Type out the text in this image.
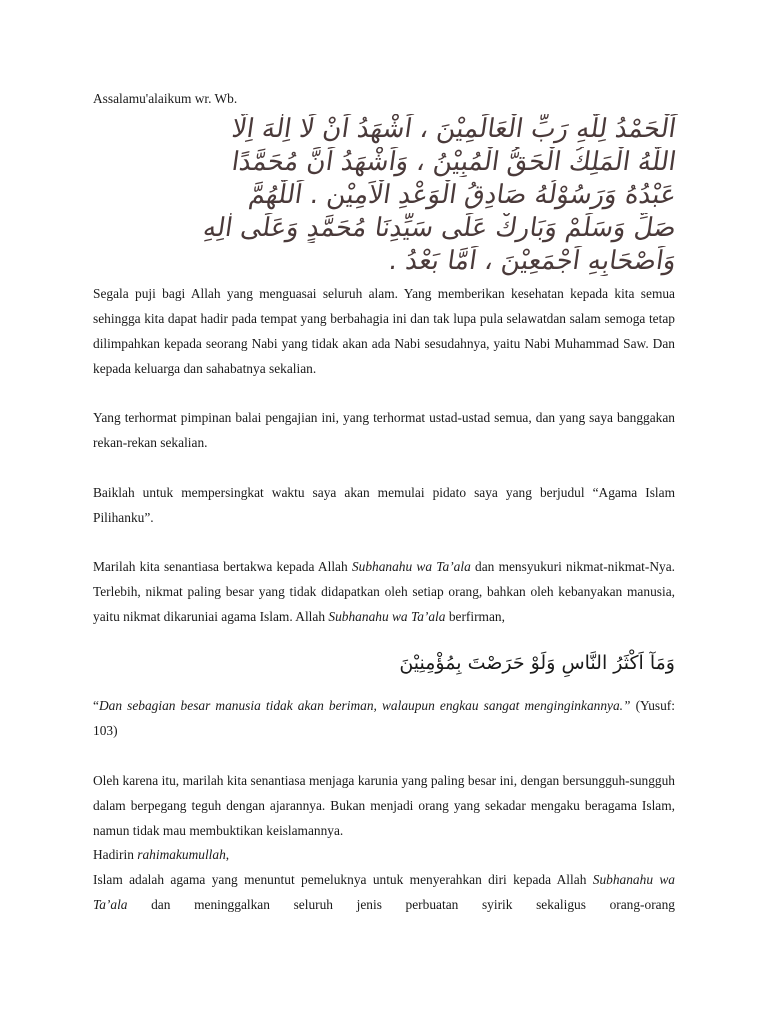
Assalamu'alaikum wr. Wb.

اَلْحَمْدُ لِلّٰهِ رَبِّ الْعَالَمِيْنَ ، اَشْهَدُ اَنْ لَا اِلٰهَ اِلَّا
اللّٰهُ الْمَلِكُ الْحَقُّ الْمُبِيْنُ ، وَاَشْهَدُ اَنَّ مُحَمَّدًا
عَبْدُهُ وَرَسُوْلُهُ صَادِقُ الْوَعْدِ الْاَمِيْنِ . اَللّٰهُمَّ
صَلِّ وَسَلِّمْ وَبَارِكْ عَلَى سَيِّدِنَا مُحَمَّدٍ وَعَلَى اٰلِهِ
وَاَصْحَابِهِ اَجْمَعِيْنَ ، اَمَّا بَعْدُ .

Segala puji bagi Allah yang menguasai seluruh alam. Yang memberikan kesehatan kepada kita semua sehingga kita dapat hadir pada tempat yang berbahagia ini dan tak lupa pula selawatdan salam semoga tetap dilimpahkan kepada seorang Nabi yang tidak akan ada Nabi sesudahnya, yaitu Nabi Muhammad Saw. Dan kepada keluarga dan sahabatnya sekalian.

Yang terhormat pimpinan balai pengajian ini, yang terhormat ustad-ustad semua, dan yang saya banggakan rekan-rekan sekalian.

Baiklah untuk mempersingkat waktu saya akan memulai pidato saya yang berjudul “Agama Islam Pilihanku”.

Marilah kita senantiasa bertakwa kepada Allah Subhanahu wa Ta’ala dan mensyukuri nikmat-nikmat-Nya. Terlebih, nikmat paling besar yang tidak didapatkan oleh setiap orang, bahkan oleh kebanyakan manusia, yaitu nikmat dikaruniai agama Islam. Allah Subhanahu wa Ta’ala berfirman,

وَمَآ اَكْثَرُ النَّاسِ وَلَوْ حَرَصْتَ بِمُؤْمِنِيْنَ

“Dan sebagian besar manusia tidak akan beriman, walaupun engkau sangat menginginkannya.” (Yusuf: 103)

Oleh karena itu, marilah kita senantiasa menjaga karunia yang paling besar ini, dengan bersungguh-sungguh dalam berpegang teguh dengan ajarannya. Bukan menjadi orang yang sekadar mengaku beragama Islam, namun tidak mau membuktikan keislamannya.

Hadirin rahimakumullah,

Islam adalah agama yang menuntut pemeluknya untuk menyerahkan diri kepada Allah Subhanahu wa Ta’ala dan meninggalkan seluruh jenis perbuatan syirik sekaligus orang-orang
